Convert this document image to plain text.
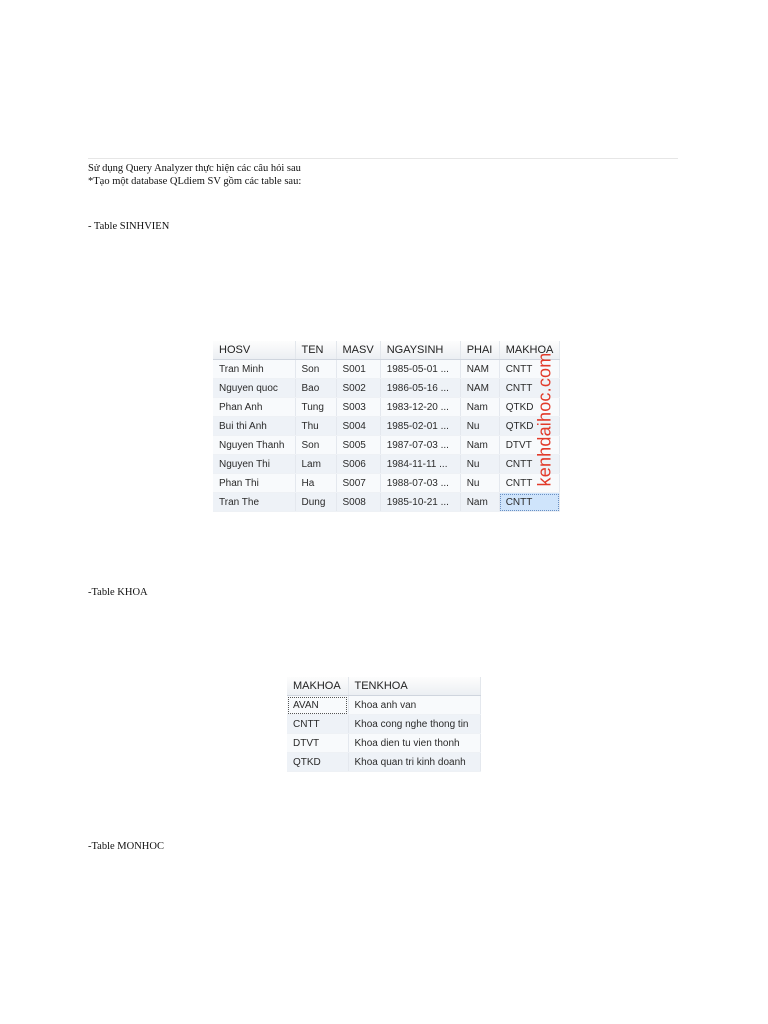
Sử dụng Query Analyzer thực hiện các câu hỏi sau
*Tạo một database QLdiem SV gồm các table sau:
- Table SINHVIEN
HOSV	TEN	MASV	NGAYSINH	PHAI	MAKHOA
Tran Minh	Son	S001	1985-05-01 ...	NAM	CNTT
Nguyen quoc	Bao	S002	1986-05-16 ...	NAM	CNTT
Phan Anh	Tung	S003	1983-12-20 ...	Nam	QTKD
Bui thi Anh	Thu	S004	1985-02-01 ...	Nu	QTKD
Nguyen Thanh	Son	S005	1987-07-03 ...	Nam	DTVT
Nguyen Thi	Lam	S006	1984-11-11 ...	Nu	CNTT
Phan Thi	Ha	S007	1988-07-03 ...	Nu	CNTT
Tran The	Dung	S008	1985-10-21 ...	Nam	CNTT
kenhdaihoc.com
-Table KHOA
MAKHOA	TENKHOA
AVAN	Khoa anh van
CNTT	Khoa cong nghe thong tin
DTVT	Khoa dien tu vien thonh
QTKD	Khoa quan tri kinh doanh
-Table MONHOC
